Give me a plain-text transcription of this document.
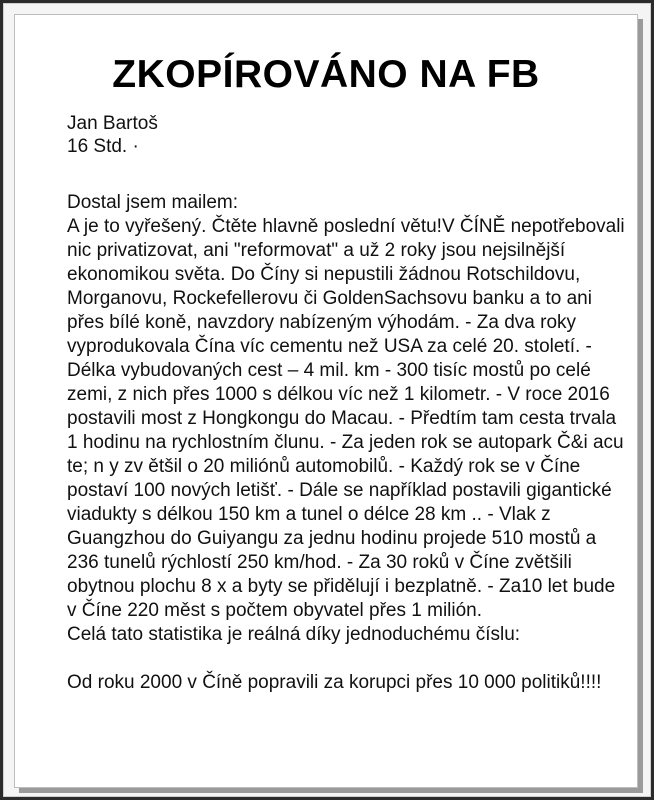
ZKOPÍROVÁNO NA FB
Jan Bartoš
16 Std. ·

Dostal jsem mailem:

A je to vyřešený. Čtěte hlavně poslední větu!V ČÍNĚ nepotřebovali nic privatizovat, ani "reformovat" a už 2 roky jsou nejsilnější ekonomikou světa. Do Číny si nepustili žádnou Rotschildovu, Morganovu, Rockefellerovu či GoldenSachsovu banku a to ani přes bílé koně, navzdory nabízeným výhodám. - Za dva roky vyprodukovala Čína víc cementu než USA za celé 20. století. - Délka vybudovaných cest – 4 mil. km - 300 tisíc mostů po celé zemi, z nich přes 1000 s délkou víc než 1 kilometr. - V roce 2016 postavili most z Hongkongu do Macau. - Předtím tam cesta trvala 1 hodinu na rychlostním člunu. - Za jeden rok se autopark Č&i acu te; n y zv ětšil o 20 miliónů automobilů. - Každý rok se v Číne postaví 100 nových letišť. - Dále se například postavili gigantické viadukty s délkou 150 km a tunel o délce 28 km .. - Vlak z Guangzhou do Guiyangu za jednu hodinu projede 510 mostů a 236 tunelů rýchlostí 250 km/hod. - Za 30 roků v Číne zvětšili obytnou plochu 8 x a byty se přidělují i bezplatně. - Za10 let bude v Číne 220 měst s počtem obyvatel přes 1 milión.

Celá tato statistika je reálná díky jednoduchému číslu:

Od roku 2000 v Číně popravili za korupci přes 10 000 politiků!!!!
